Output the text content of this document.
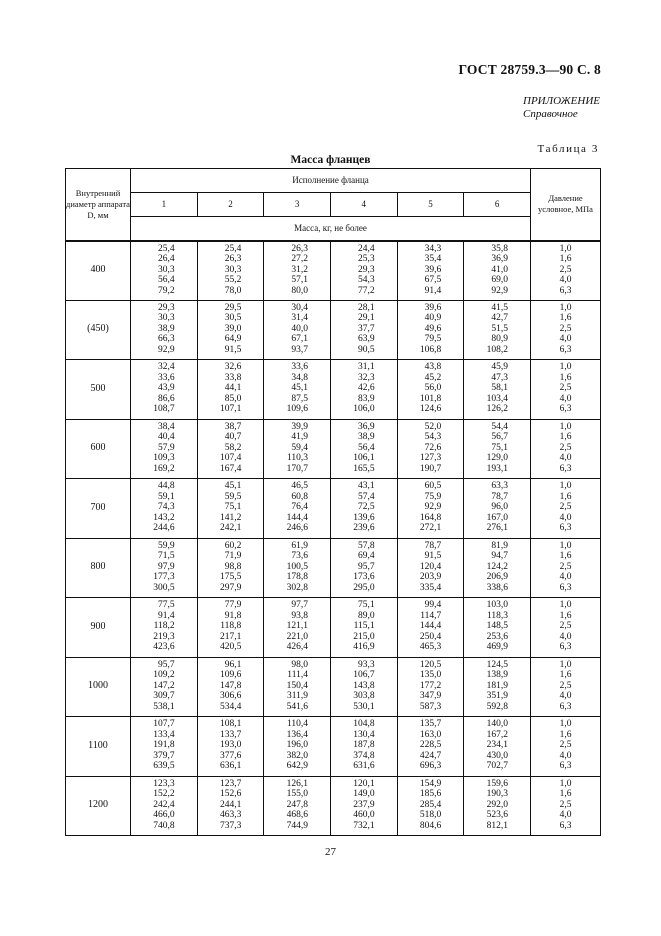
ГОСТ 28759.3—90 С. 8
ПРИЛОЖЕНИЕ
Справочное
Таблица 3
Масса фланцев
Внутренний диаметр аппарата D, мм	Исполнение фланца						Давление условное, МПа
	1	2	3	4	5	6	
	Масса, кг, не более						
400	25,4
26,4
30,3
56,4
79,2	25,4
26,3
30,3
55,2
78,0	26,3
27,2
31,2
57,1
80,0	24,4
25,3
29,3
54,3
77,2	34,3
35,4
39,6
67,5
91,4	35,8
36,9
41,0
69,0
92,9	1,0
1,6
2,5
4,0
6,3
(450)	29,3
30,3
38,9
66,3
92,9	29,5
30,5
39,0
64,9
91,5	30,4
31,4
40,0
67,1
93,7	28,1
29,1
37,7
63,9
90,5	39,6
40,9
49,6
79,5
106,8	41,5
42,7
51,5
80,9
108,2	1,0
1,6
2,5
4,0
6,3
500	32,4
33,6
43,9
86,6
108,7	32,6
33,8
44,1
85,0
107,1	33,6
34,8
45,1
87,5
109,6	31,1
32,3
42,6
83,9
106,0	43,8
45,2
56,0
101,8
124,6	45,9
47,3
58,1
103,4
126,2	1,0
1,6
2,5
4,0
6,3
600	38,4
40,4
57,9
109,3
169,2	38,7
40,7
58,2
107,4
167,4	39,9
41,9
59,4
110,3
170,7	36,9
38,9
56,4
106,1
165,5	52,0
54,3
72,6
127,3
190,7	54,4
56,7
75,1
129,0
193,1	1,0
1,6
2,5
4,0
6,3
700	44,8
59,1
74,3
143,2
244,6	45,1
59,5
75,1
141,2
242,1	46,5
60,8
76,4
144,4
246,6	43,1
57,4
72,5
139,6
239,6	60,5
75,9
92,9
164,8
272,1	63,3
78,7
96,0
167,0
276,1	1,0
1,6
2,5
4,0
6,3
800	59,9
71,5
97,9
177,3
300,5	60,2
71,9
98,8
175,5
297,9	61,9
73,6
100,5
178,8
302,8	57,8
69,4
95,7
173,6
295,0	78,7
91,5
120,4
203,9
335,4	81,9
94,7
124,2
206,9
338,6	1,0
1,6
2,5
4,0
6,3
900	77,5
91,4
118,2
219,3
423,6	77,9
91,8
118,8
217,1
420,5	97,7
93,8
121,1
221,0
426,4	75,1
89,0
115,1
215,0
416,9	99,4
114,7
144,4
250,4
465,3	103,0
118,3
148,5
253,6
469,9	1,0
1,6
2,5
4,0
6,3
1000	95,7
109,2
147,2
309,7
538,1	96,1
109,6
147,8
306,6
534,4	98,0
111,4
150,4
311,9
541,6	93,3
106,7
143,8
303,8
530,1	120,5
135,0
177,2
347,9
587,3	124,5
138,9
181,9
351,9
592,8	1,0
1,6
2,5
4,0
6,3
1100	107,7
133,4
191,8
379,7
639,5	108,1
133,7
193,0
377,6
636,1	110,4
136,4
196,0
382,0
642,9	104,8
130,4
187,8
374,8
631,6	135,7
163,0
228,5
424,7
696,3	140,0
167,2
234,1
430,0
702,7	1,0
1,6
2,5
4,0
6,3
1200	123,3
152,2
242,4
466,0
740,8	123,7
152,6
244,1
463,3
737,3	126,1
155,0
247,8
468,6
744,9	120,1
149,0
237,9
460,0
732,1	154,9
185,6
285,4
518,0
804,6	159,6
190,3
292,0
523,6
812,1	1,0
1,6
2,5
4,0
6,3
27
